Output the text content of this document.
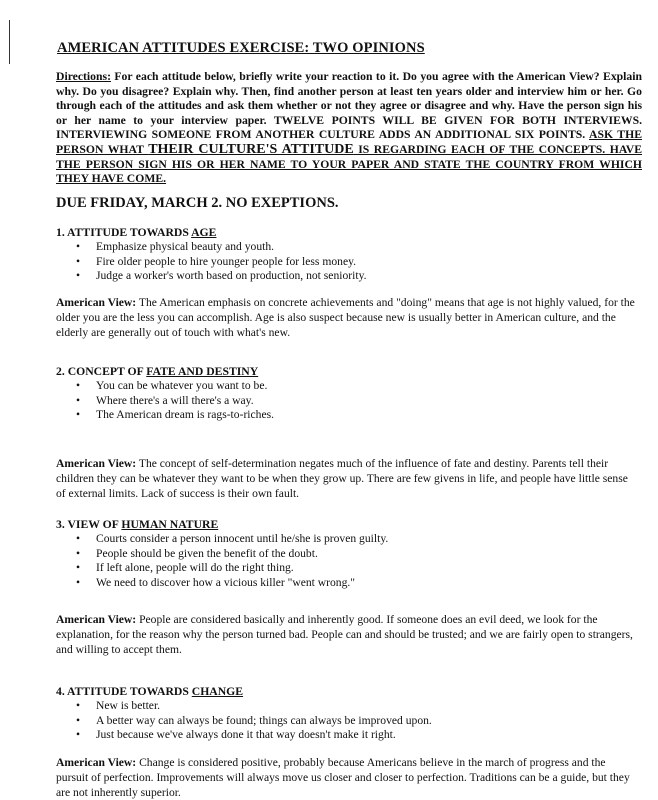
AMERICAN ATTITUDES EXERCISE: TWO OPINIONS
Directions: For each attitude below, briefly write your reaction to it. Do you agree with the American View? Explain why. Do you disagree? Explain why. Then, find another person at least ten years older and interview him or her. Go through each of the attitudes and ask them whether or not they agree or disagree and why. Have the person sign his or her name to your interview paper. TWELVE POINTS WILL BE GIVEN FOR BOTH INTERVIEWS. INTERVIEWING SOMEONE FROM ANOTHER CULTURE ADDS AN ADDITIONAL SIX POINTS. ASK THE PERSON WHAT THEIR CULTURE'S ATTITUDE IS REGARDING EACH OF THE CONCEPTS. HAVE THE PERSON SIGN HIS OR HER NAME TO YOUR PAPER AND STATE THE COUNTRY FROM WHICH THEY HAVE COME.
DUE FRIDAY, MARCH 2. NO EXEPTIONS.
1. ATTITUDE TOWARDS AGE
• Emphasize physical beauty and youth.
• Fire older people to hire younger people for less money.
• Judge a worker's worth based on production, not seniority.
American View: The American emphasis on concrete achievements and "doing" means that age is not highly valued, for the older you are the less you can accomplish. Age is also suspect because new is usually better in American culture, and the elderly are generally out of touch with what's new.
2. CONCEPT OF FATE AND DESTINY
• You can be whatever you want to be.
• Where there's a will there's a way.
• The American dream is rags-to-riches.
American View: The concept of self-determination negates much of the influence of fate and destiny. Parents tell their children they can be whatever they want to be when they grow up. There are few givens in life, and people have little sense of external limits. Lack of success is their own fault.
3. VIEW OF HUMAN NATURE
• Courts consider a person innocent until he/she is proven guilty.
• People should be given the benefit of the doubt.
• If left alone, people will do the right thing.
• We need to discover how a vicious killer "went wrong."
American View: People are considered basically and inherently good. If someone does an evil deed, we look for the explanation, for the reason why the person turned bad. People can and should be trusted; and we are fairly open to strangers, and willing to accept them.
4. ATTITUDE TOWARDS CHANGE
• New is better.
• A better way can always be found; things can always be improved upon.
• Just because we've always done it that way doesn't make it right.
American View: Change is considered positive, probably because Americans believe in the march of progress and the pursuit of perfection. Improvements will always move us closer and closer to perfection. Traditions can be a guide, but they are not inherently superior.
